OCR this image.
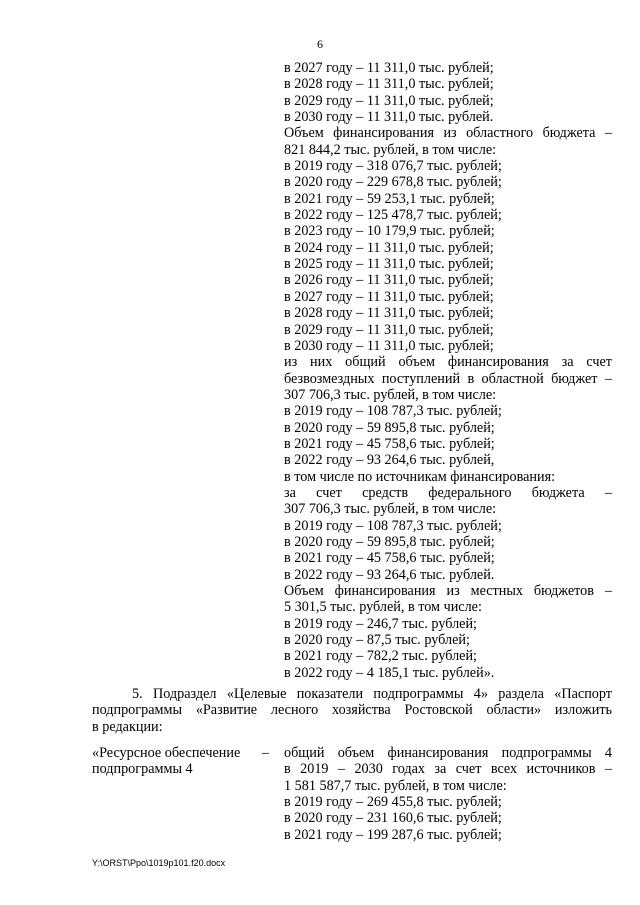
6
в 2027 году – 11 311,0 тыс. рублей;
в 2028 году – 11 311,0 тыс. рублей;
в 2029 году – 11 311,0 тыс. рублей;
в 2030 году – 11 311,0 тыс. рублей.
Объем финансирования из областного бюджета –
821 844,2 тыс. рублей, в том числе:
в 2019 году – 318 076,7 тыс. рублей;
в 2020 году – 229 678,8 тыс. рублей;
в 2021 году – 59 253,1 тыс. рублей;
в 2022 году – 125 478,7 тыс. рублей;
в 2023 году – 10 179,9 тыс. рублей;
в 2024 году – 11 311,0 тыс. рублей;
в 2025 году – 11 311,0 тыс. рублей;
в 2026 году – 11 311,0 тыс. рублей;
в 2027 году – 11 311,0 тыс. рублей;
в 2028 году – 11 311,0 тыс. рублей;
в 2029 году – 11 311,0 тыс. рублей;
в 2030 году – 11 311,0 тыс. рублей;
из них общий объем финансирования за счет
безвозмездных поступлений в областной бюджет –
307 706,3 тыс. рублей, в том числе:
в 2019 году – 108 787,3 тыс. рублей;
в 2020 году – 59 895,8 тыс. рублей;
в 2021 году – 45 758,6 тыс. рублей;
в 2022 году – 93 264,6 тыс. рублей,
в том числе по источникам финансирования:
за счет средств федерального бюджета –
307 706,3 тыс. рублей, в том числе:
в 2019 году – 108 787,3 тыс. рублей;
в 2020 году – 59 895,8 тыс. рублей;
в 2021 году – 45 758,6 тыс. рублей;
в 2022 году – 93 264,6 тыс. рублей.
Объем финансирования из местных бюджетов –
5 301,5 тыс. рублей, в том числе:
в 2019 году – 246,7 тыс. рублей;
в 2020 году – 87,5 тыс. рублей;
в 2021 году – 782,2 тыс. рублей;
в 2022 году – 4 185,1 тыс. рублей».
5. Подраздел «Целевые показатели подпрограммы 4» раздела «Паспорт
подпрограммы «Развитие лесного хозяйства Ростовской области» изложить
в редакции:
«Ресурсное обеспечение
подпрограммы 4
– общий объем финансирования подпрограммы 4
в 2019 – 2030 годах за счет всех источников –
1 581 587,7 тыс. рублей, в том числе:
в 2019 году – 269 455,8 тыс. рублей;
в 2020 году – 231 160,6 тыс. рублей;
в 2021 году – 199 287,6 тыс. рублей;
Y:\ORST\Ppo\1019p101.f20.docx
